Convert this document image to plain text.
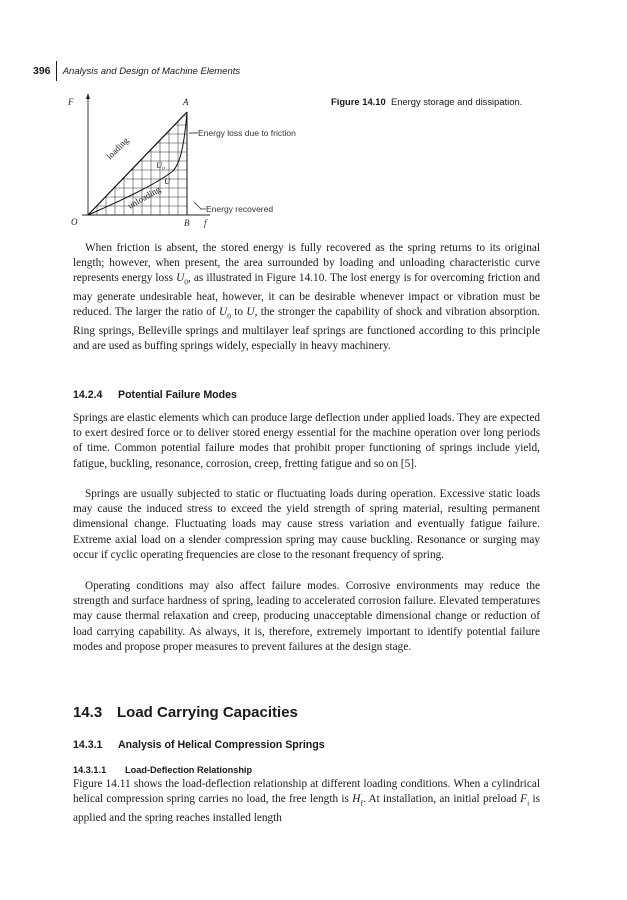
396 Analysis and Design of Machine Elements
F	A
O	B f
loading
unloading
U₀
U
Energy loss due to friction
Energy recovered
Figure 14.10 Energy storage and dissipation.

When friction is absent, the stored energy is fully recovered as the spring returns to its original length; however, when present, the area surrounded by loading and unloading characteristic curve represents energy loss $U_0$, as illustrated in Figure 14.10. The lost energy is for overcoming friction and may generate undesirable heat, however, it can be desirable whenever impact or vibration must be reduced. The larger the ratio of $U_0$ to U, the stronger the capability of shock and vibration absorption. Ring springs, Belleville springs and multilayer leaf springs are functioned according to this principle and are used as buffing springs widely, especially in heavy machinery.

14.2.4 Potential Failure Modes

Springs are elastic elements which can produce large deflection under applied loads. They are expected to exert desired force or to deliver stored energy essential for the machine operation over long periods of time. Common potential failure modes that prohibit proper functioning of springs include yield, fatigue, buckling, resonance, corrosion, creep, fretting fatigue and so on [5].

Springs are usually subjected to static or fluctuating loads during operation. Excessive static loads may cause the induced stress to exceed the yield strength of spring material, resulting permanent dimensional change. Fluctuating loads may cause stress variation and eventually fatigue failure. Extreme axial load on a slender compression spring may cause buckling. Resonance or surging may occur if cyclic operating frequencies are close to the resonant frequency of spring.

Operating conditions may also affect failure modes. Corrosive environments may reduce the strength and surface hardness of spring, leading to accelerated corrosion failure. Elevated temperatures may cause thermal relaxation and creep, producing unacceptable dimensional change or reduction of load carrying capability. As always, it is, therefore, extremely important to identify potential failure modes and propose proper measures to prevent failures at the design stage.

14.3 Load Carrying Capacities
14.3.1 Analysis of Helical Compression Springs
14.3.1.1 Load-Deflection Relationship

Figure 14.11 shows the load-deflection relationship at different loading conditions. When a cylindrical helical compression spring carries no load, the free length is $H_f$. At installation, an initial preload $F_i$ is applied and the spring reaches installed length
